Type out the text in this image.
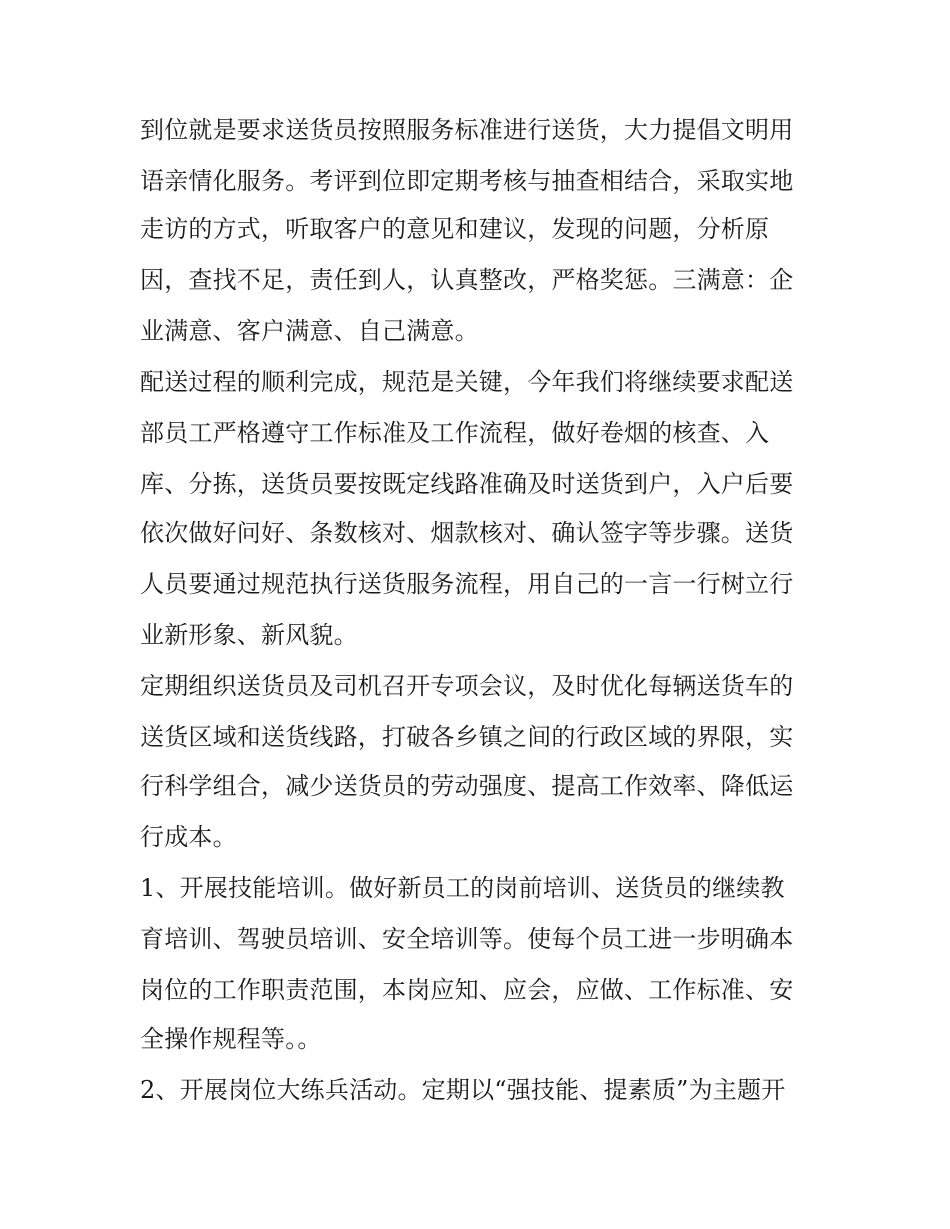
到位就是要求送货员按照服务标准进行送货，大力提倡文明用
语亲情化服务。考评到位即定期考核与抽查相结合，采取实地
走访的方式，听取客户的意见和建议，发现的问题，分析原
因，查找不足，责任到人，认真整改，严格奖惩。三满意：企
业满意、客户满意、自己满意。
配送过程的顺利完成，规范是关键，今年我们将继续要求配送
部员工严格遵守工作标准及工作流程，做好卷烟的核查、入
库、分拣，送货员要按既定线路准确及时送货到户，入户后要
依次做好问好、条数核对、烟款核对、确认签字等步骤。送货
人员要通过规范执行送货服务流程，用自己的一言一行树立行
业新形象、新风貌。
定期组织送货员及司机召开专项会议，及时优化每辆送货车的
送货区域和送货线路，打破各乡镇之间的行政区域的界限，实
行科学组合，减少送货员的劳动强度、提高工作效率、降低运
行成本。
1、开展技能培训。做好新员工的岗前培训、送货员的继续教
育培训、驾驶员培训、安全培训等。使每个员工进一步明确本
岗位的工作职责范围，本岗应知、应会，应做、工作标准、安
全操作规程等。。
2、开展岗位大练兵活动。定期以“强技能、提素质”为主题开
